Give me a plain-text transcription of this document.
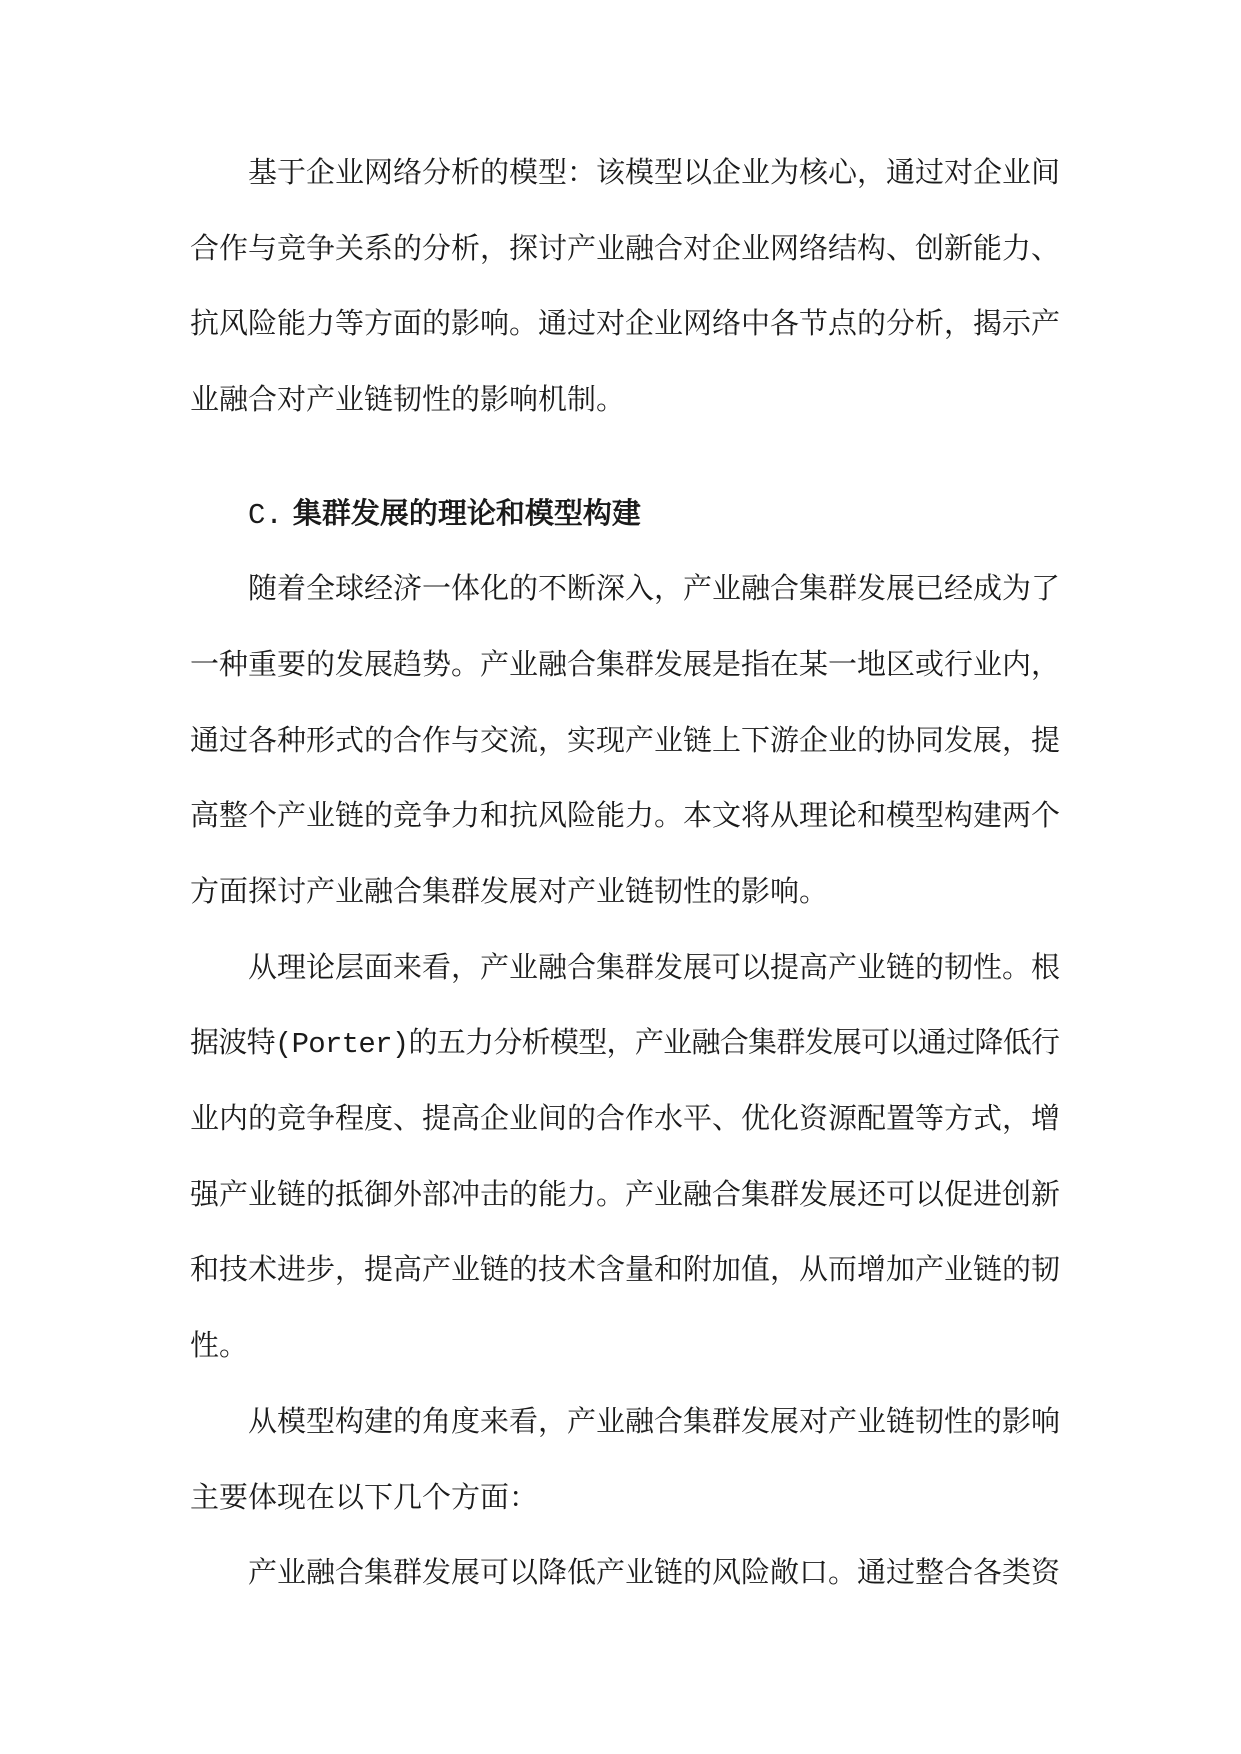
基于企业网络分析的模型：该模型以企业为核心，通过对企业间
合作与竞争关系的分析，探讨产业融合对企业网络结构、创新能力、
抗风险能力等方面的影响。通过对企业网络中各节点的分析，揭示产
业融合对产业链韧性的影响机制。
C. 集群发展的理论和模型构建
随着全球经济一体化的不断深入，产业融合集群发展已经成为了
一种重要的发展趋势。产业融合集群发展是指在某一地区或行业内，
通过各种形式的合作与交流，实现产业链上下游企业的协同发展，提
高整个产业链的竞争力和抗风险能力。本文将从理论和模型构建两个
方面探讨产业融合集群发展对产业链韧性的影响。
从理论层面来看，产业融合集群发展可以提高产业链的韧性。根
据波特(Porter)的五力分析模型，产业融合集群发展可以通过降低行
业内的竞争程度、提高企业间的合作水平、优化资源配置等方式，增
强产业链的抵御外部冲击的能力。产业融合集群发展还可以促进创新
和技术进步，提高产业链的技术含量和附加值，从而增加产业链的韧
性。
从模型构建的角度来看，产业融合集群发展对产业链韧性的影响
主要体现在以下几个方面：
产业融合集群发展可以降低产业链的风险敞口。通过整合各类资
